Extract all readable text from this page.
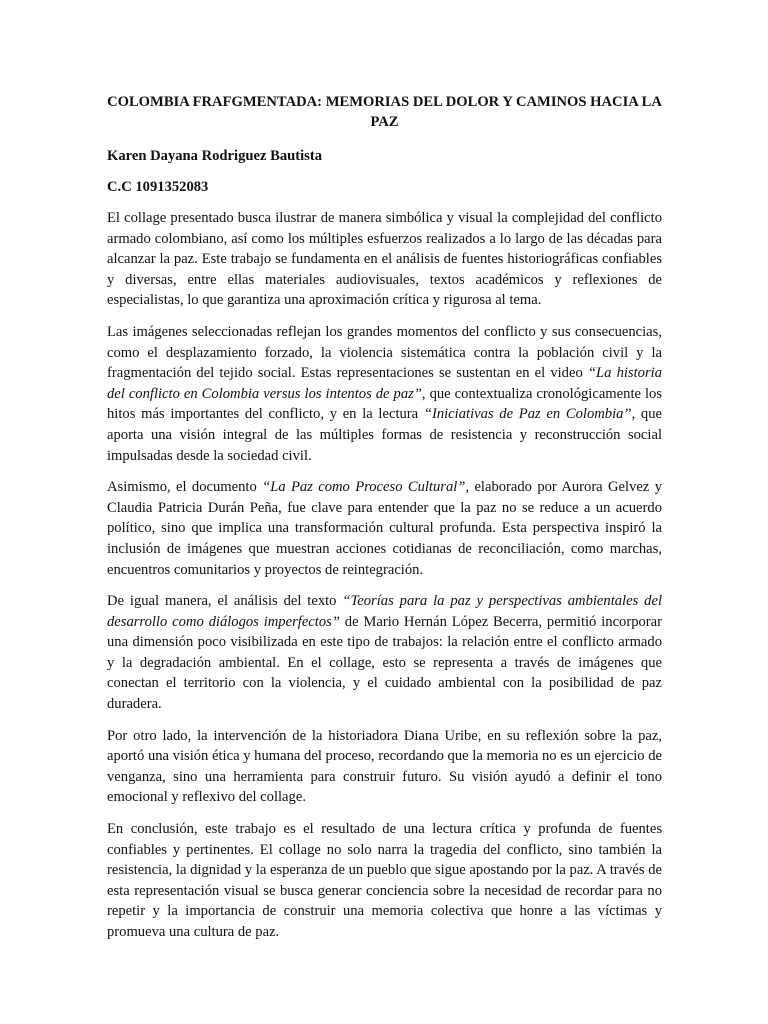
COLOMBIA FRAFGMENTADA: MEMORIAS DEL DOLOR Y CAMINOS HACIA LA PAZ
Karen Dayana Rodriguez Bautista
C.C 1091352083

El collage presentado busca ilustrar de manera simbólica y visual la complejidad del conflicto armado colombiano, así como los múltiples esfuerzos realizados a lo largo de las décadas para alcanzar la paz. Este trabajo se fundamenta en el análisis de fuentes historiográficas confiables y diversas, entre ellas materiales audiovisuales, textos académicos y reflexiones de especialistas, lo que garantiza una aproximación crítica y rigurosa al tema.

Las imágenes seleccionadas reflejan los grandes momentos del conflicto y sus consecuencias, como el desplazamiento forzado, la violencia sistemática contra la población civil y la fragmentación del tejido social. Estas representaciones se sustentan en el video “La historia del conflicto en Colombia versus los intentos de paz”, que contextualiza cronológicamente los hitos más importantes del conflicto, y en la lectura “Iniciativas de Paz en Colombia”, que aporta una visión integral de las múltiples formas de resistencia y reconstrucción social impulsadas desde la sociedad civil.

Asimismo, el documento “La Paz como Proceso Cultural”, elaborado por Aurora Gelvez y Claudia Patricia Durán Peña, fue clave para entender que la paz no se reduce a un acuerdo político, sino que implica una transformación cultural profunda. Esta perspectiva inspiró la inclusión de imágenes que muestran acciones cotidianas de reconciliación, como marchas, encuentros comunitarios y proyectos de reintegración.

De igual manera, el análisis del texto “Teorías para la paz y perspectivas ambientales del desarrollo como diálogos imperfectos” de Mario Hernán López Becerra, permitió incorporar una dimensión poco visibilizada en este tipo de trabajos: la relación entre el conflicto armado y la degradación ambiental. En el collage, esto se representa a través de imágenes que conectan el territorio con la violencia, y el cuidado ambiental con la posibilidad de paz duradera.

Por otro lado, la intervención de la historiadora Diana Uribe, en su reflexión sobre la paz, aportó una visión ética y humana del proceso, recordando que la memoria no es un ejercicio de venganza, sino una herramienta para construir futuro. Su visión ayudó a definir el tono emocional y reflexivo del collage.

En conclusión, este trabajo es el resultado de una lectura crítica y profunda de fuentes confiables y pertinentes. El collage no solo narra la tragedia del conflicto, sino también la resistencia, la dignidad y la esperanza de un pueblo que sigue apostando por la paz. A través de esta representación visual se busca generar conciencia sobre la necesidad de recordar para no repetir y la importancia de construir una memoria colectiva que honre a las víctimas y promueva una cultura de paz.
